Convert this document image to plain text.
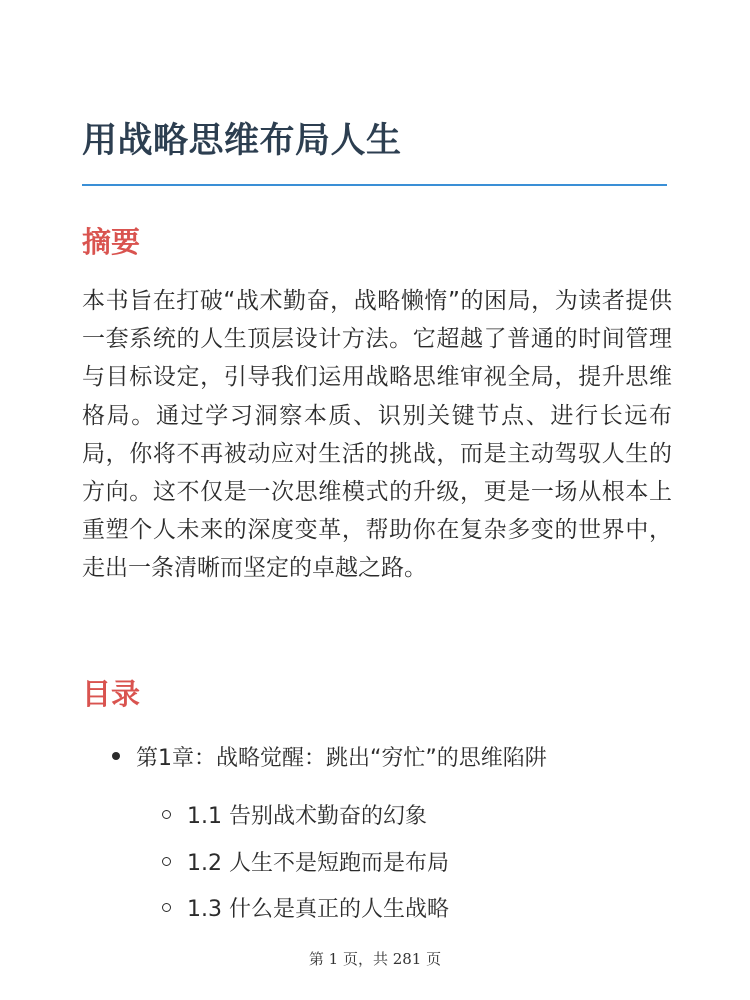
用战略思维布局人生
摘要

本书旨在打破“战术勤奋，战略懒惰”的困局，为读者提供一套系统的人生顶层设计方法。它超越了普通的时间管理与目标设定，引导我们运用战略思维审视全局，提升思维格局。通过学习洞察本质、识别关键节点、进行长远布局，你将不再被动应对生活的挑战，而是主动驾驭人生的方向。这不仅是一次思维模式的升级，更是一场从根本上重塑个人未来的深度变革，帮助你在复杂多变的世界中，走出一条清晰而坚定的卓越之路。

目录
第1章：战略觉醒：跳出“穷忙”的思维陷阱
1.1 告别战术勤奋的幻象
1.2 人生不是短跑而是布局
1.3 什么是真正的人生战略
第 1 页，共 281 页
